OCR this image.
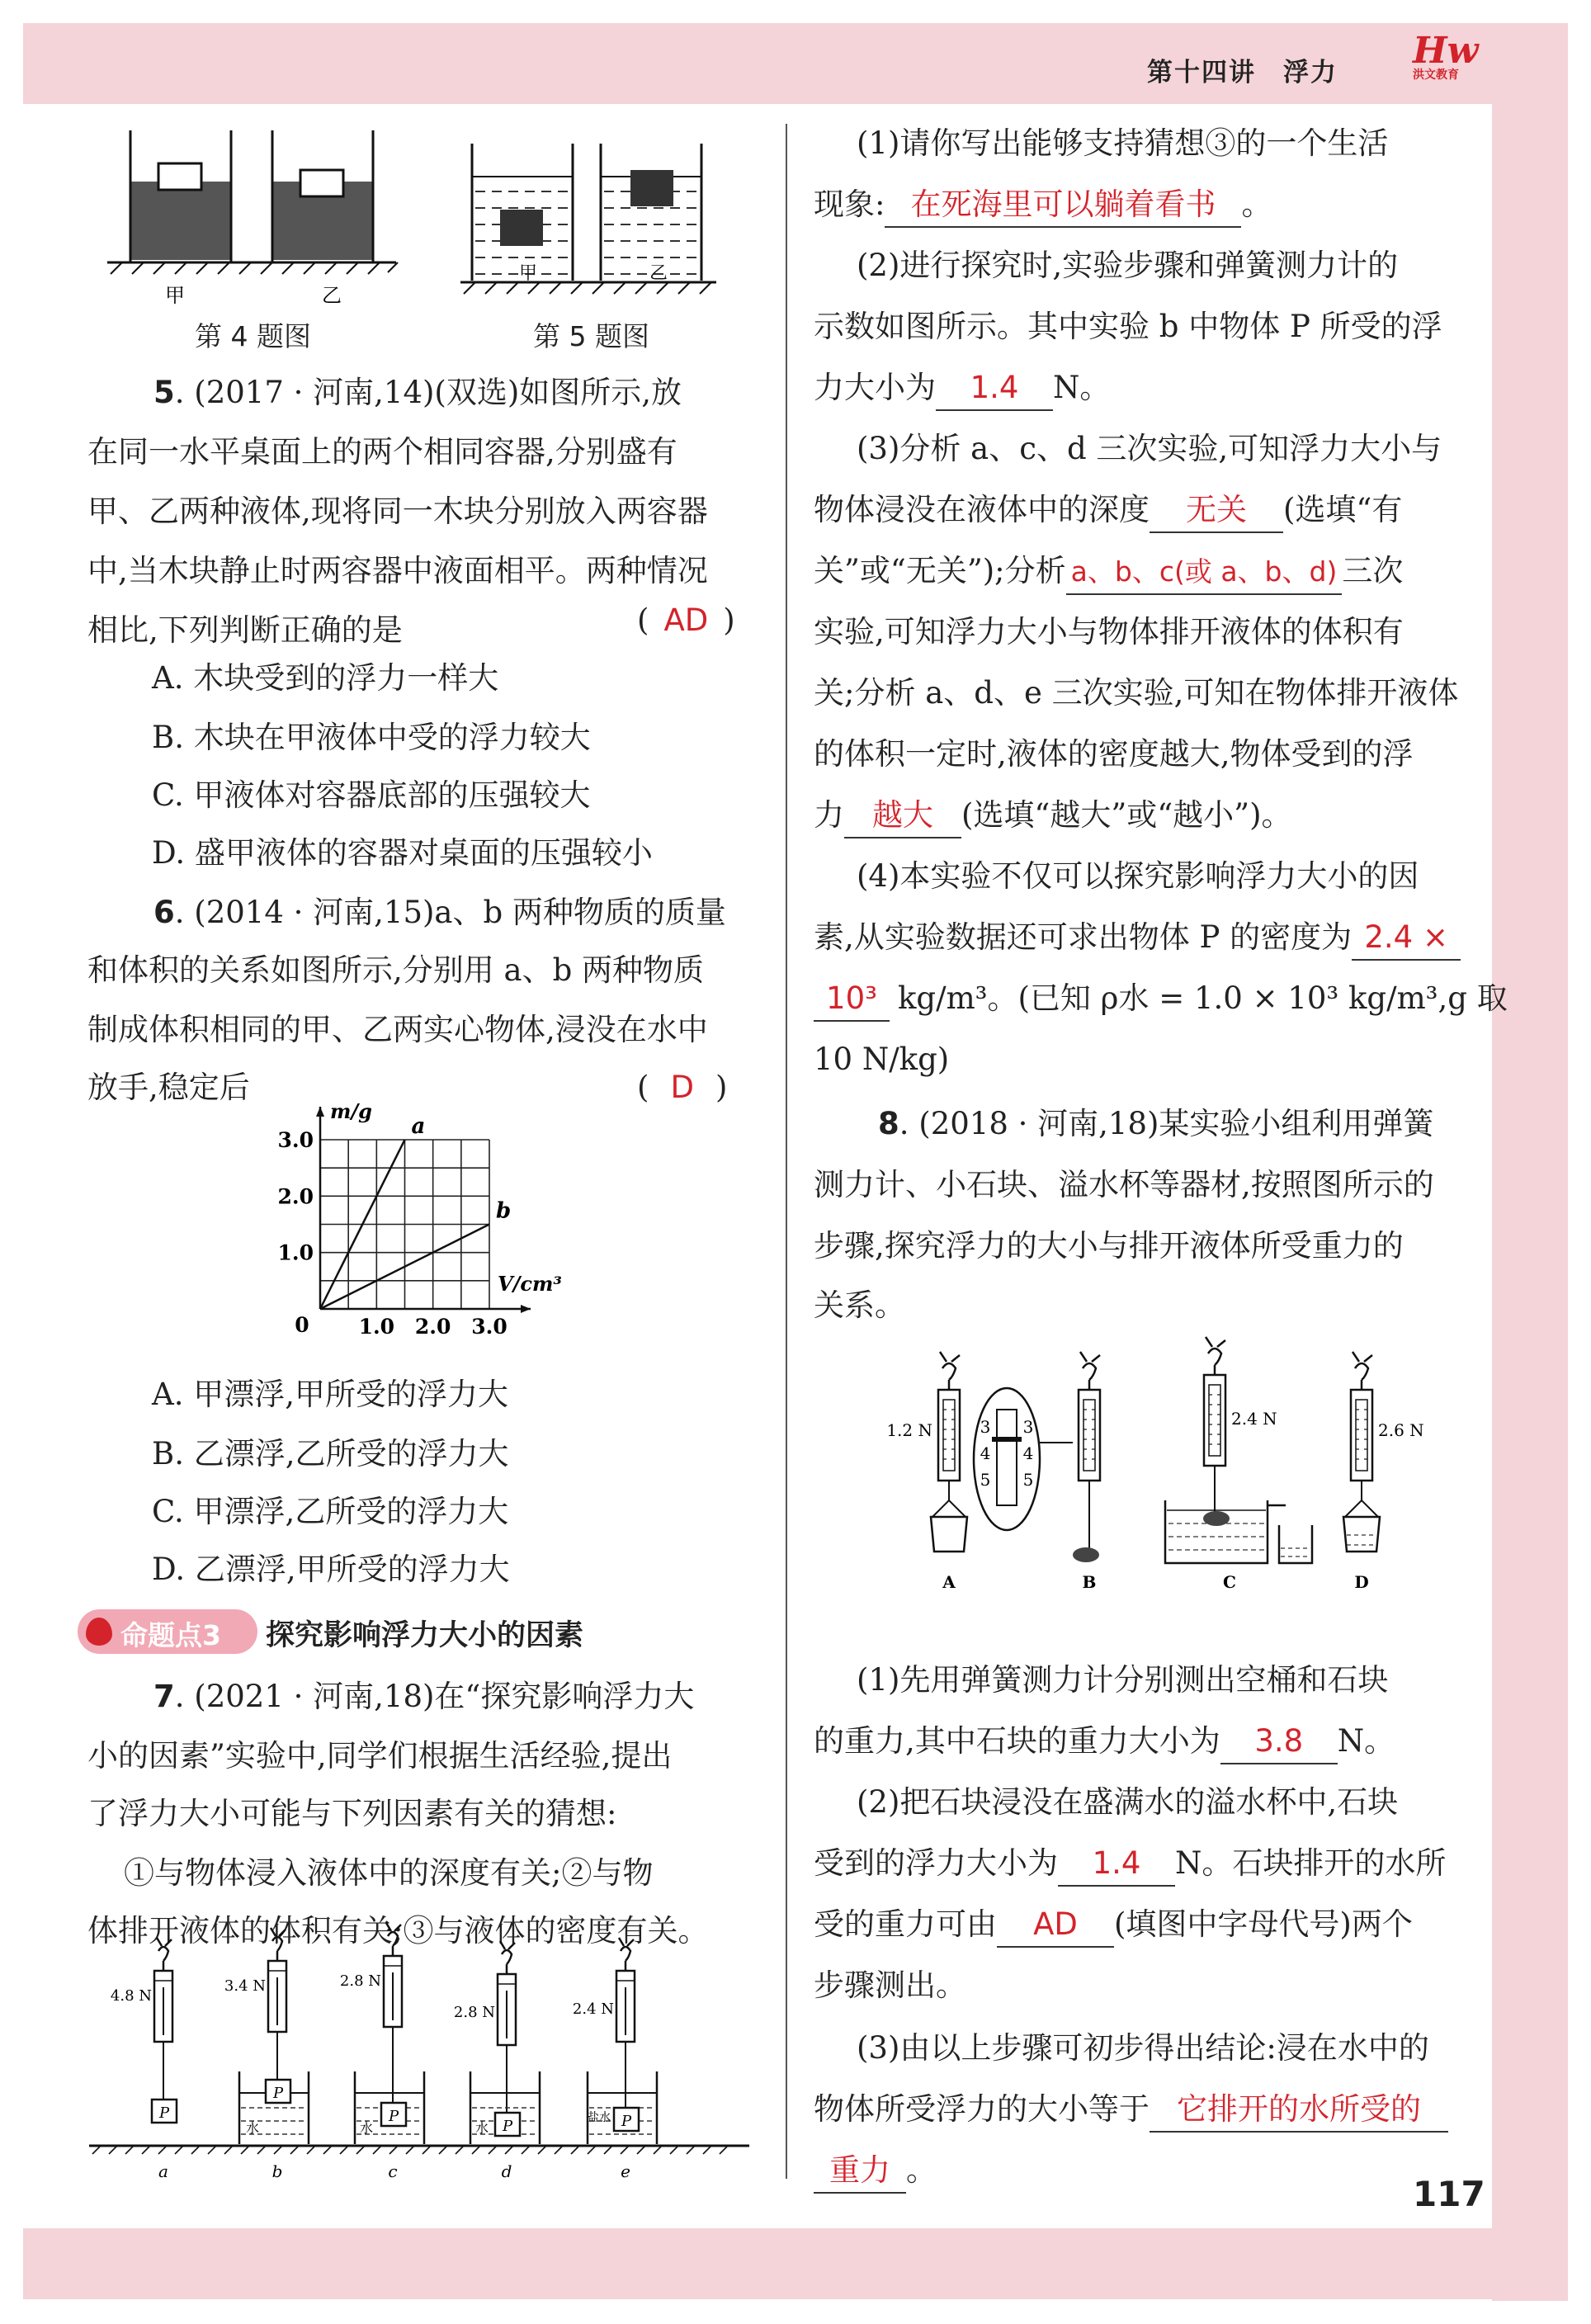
第十四讲　浮力
Hw
洪文教育
甲	乙
第 4 题图
甲	乙
第 5 题图
5. (2017 · 河南,14)(双选)如图所示,放
在同一水平桌面上的两个相同容器,分别盛有
甲、乙两种液体,现将同一木块分别放入两容器
中,当木块静止时两容器中液面相平。两种情况
相比,下列判断正确的是	( AD )
A. 木块受到的浮力一样大
B. 木块在甲液体中受的浮力较大
C. 甲液体对容器底部的压强较大
D. 盛甲液体的容器对桌面的压强较小
6. (2014 · 河南,15)a、b 两种物质的质量
和体积的关系如图所示,分别用 a、b 两种物质
制成体积相同的甲、乙两实心物体,浸没在水中
放手,稳定后	( D )
1.0 2.0 3.0
1.0
2.0
3.0
0
V/cm³
m/g
a
b
A. 甲漂浮,甲所受的浮力大
B. 乙漂浮,乙所受的浮力大
C. 甲漂浮,乙所受的浮力大
D. 乙漂浮,甲所受的浮力大
命题点3 探究影响浮力大小的因素
7. (2021 · 河南,18)在“探究影响浮力大
小的因素”实验中,同学们根据生活经验,提出
了浮力大小可能与下列因素有关的猜想:
①与物体浸入液体中的深度有关;②与物
体排开液体的体积有关;③与液体的密度有关。
P
4.8 N
a
P
水
3.4 N
b
P
水
2.8 N
c
P
水
2.8 N
d
P
盐水
2.4 N
e
(1)请你写出能够支持猜想③的一个生活
现象: 在死海里可以躺着看书 。
(2)进行探究时,实验步骤和弹簧测力计的
示数如图所示。其中实验 b 中物体 P 所受的浮
力大小为 1.4 N。
(3)分析 a、c、d 三次实验,可知浮力大小与
物体浸没在液体中的深度 无关 (选填“有
关”或“无关”);分析 a、b、c(或 a、b、d) 三次
实验,可知浮力大小与物体排开液体的体积有
关;分析 a、d、e 三次实验,可知在物体排开液体
的体积一定时,液体的密度越大,物体受到的浮
力 越大 (选填“越大”或“越小”)。
(4)本实验不仅可以探究影响浮力大小的因
素,从实验数据还可求出物体 P 的密度为 2.4 ×
10³ kg/m³。(已知 ρ水 = 1.0 × 10³ kg/m³,g 取
10 N/kg)
8. (2018 · 河南,18)某实验小组利用弹簧
测力计、小石块、溢水杯等器材,按照图所示的
步骤,探究浮力的大小与排开液体所受重力的
关系。
1.2 N
A
3
4
5
3
4
5
B
2.4 N
C
2.6 N
D
(1)先用弹簧测力计分别测出空桶和石块
的重力,其中石块的重力大小为 3.8 N。
(2)把石块浸没在盛满水的溢水杯中,石块
受到的浮力大小为 1.4 N。石块排开的水所
受的重力可由 AD (填图中字母代号)两个
步骤测出。
(3)由以上步骤可初步得出结论:浸在水中的
物体所受浮力的大小等于 它排开的水所受的
重力 。
117
